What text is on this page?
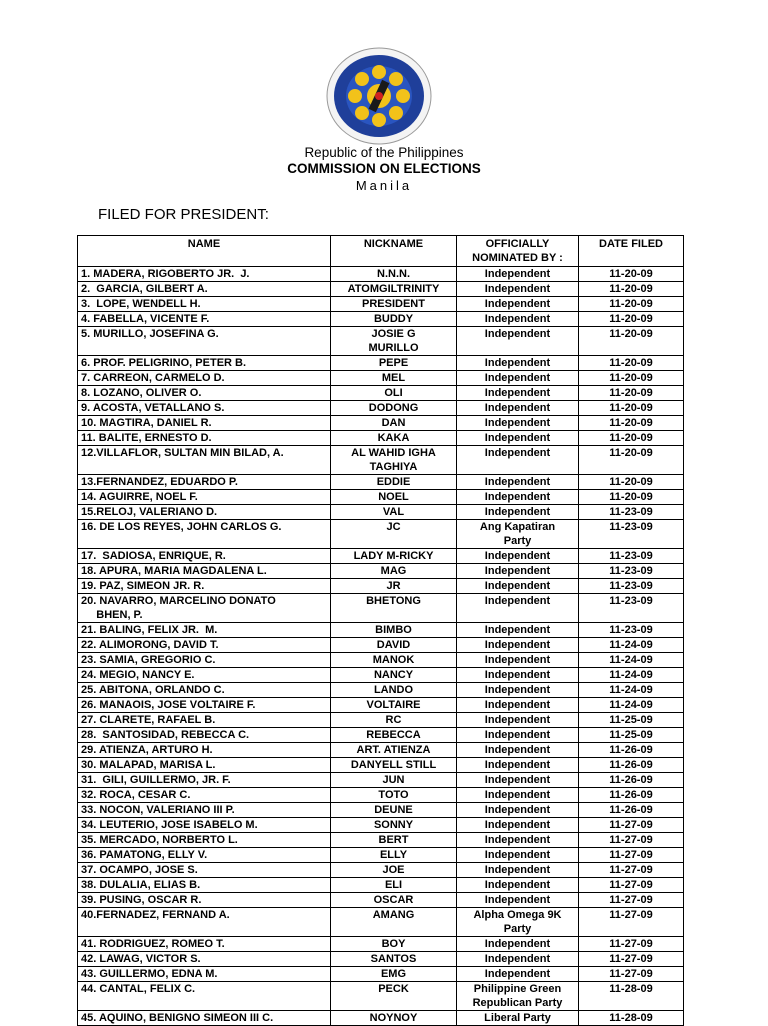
Republic of the Philippines
COMMISSION ON ELECTIONS
Manila
FILED FOR PRESIDENT:
NAME	NICKNAME	OFFICIALLY NOMINATED BY :	DATE FILED
1. MADERA, RIGOBERTO JR.  J.	N.N.N.	Independent	11-20-09
2.  GARCIA, GILBERT A.	ATOMGILTRINITY	Independent	11-20-09
3.  LOPE, WENDELL H.	PRESIDENT	Independent	11-20-09
4. FABELLA, VICENTE F.	BUDDY	Independent	11-20-09
5. MURILLO, JOSEFINA G.	JOSIE G
MURILLO	Independent	11-20-09
6. PROF. PELIGRINO, PETER B.	PEPE	Independent	11-20-09
7. CARREON, CARMELO D.	MEL	Independent	11-20-09
8. LOZANO, OLIVER O.	OLI	Independent	11-20-09
9. ACOSTA, VETALLANO S.	DODONG	Independent	11-20-09
10. MAGTIRA, DANIEL R.	DAN	Independent	11-20-09
11. BALITE, ERNESTO D.	KAKA	Independent	11-20-09
12.VILLAFLOR, SULTAN MIN BILAD, A.	AL WAHID IGHA
TAGHIYA	Independent	11-20-09
13.FERNANDEZ, EDUARDO P.	EDDIE	Independent	11-20-09
14. AGUIRRE, NOEL F.	NOEL	Independent	11-20-09
15.RELOJ, VALERIANO D.	VAL	Independent	11-23-09
16. DE LOS REYES, JOHN CARLOS G.	JC	Ang Kapatiran
Party	11-23-09
17.  SADIOSA, ENRIQUE, R.	LADY M-RICKY	Independent	11-23-09
18. APURA, MARIA MAGDALENA L.	MAG	Independent	11-23-09
19. PAZ, SIMEON JR. R.	JR	Independent	11-23-09
20. NAVARRO, MARCELINO DONATO
BHEN, P.	BHETONG	Independent	11-23-09
21. BALING, FELIX JR.  M.	BIMBO	Independent	11-23-09
22. ALIMORONG, DAVID T.	DAVID	Independent	11-24-09
23. SAMIA, GREGORIO C.	MANOK	Independent	11-24-09
24. MEGIO, NANCY E.	NANCY	Independent	11-24-09
25. ABITONA, ORLANDO C.	LANDO	Independent	11-24-09
26. MANAOIS, JOSE VOLTAIRE F.	VOLTAIRE	Independent	11-24-09
27. CLARETE, RAFAEL B.	RC	Independent	11-25-09
28.  SANTOSIDAD, REBECCA C.	REBECCA	Independent	11-25-09
29. ATIENZA, ARTURO H.	ART. ATIENZA	Independent	11-26-09
30. MALAPAD, MARISA L.	DANYELL STILL	Independent	11-26-09
31.  GILI, GUILLERMO, JR. F.	JUN	Independent	11-26-09
32. ROCA, CESAR C.	TOTO	Independent	11-26-09
33. NOCON, VALERIANO III P.	DEUNE	Independent	11-26-09
34. LEUTERIO, JOSE ISABELO M.	SONNY	Independent	11-27-09
35. MERCADO, NORBERTO L.	BERT	Independent	11-27-09
36. PAMATONG, ELLY V.	ELLY	Independent	11-27-09
37. OCAMPO, JOSE S.	JOE	Independent	11-27-09
38. DULALIA, ELIAS B.	ELI	Independent	11-27-09
39. PUSING, OSCAR R.	OSCAR	Independent	11-27-09
40.FERNADEZ, FERNAND A.	AMANG	Alpha Omega 9K
Party	11-27-09
41. RODRIGUEZ, ROMEO T.	BOY	Independent	11-27-09
42. LAWAG, VICTOR S.	SANTOS	Independent	11-27-09
43. GUILLERMO, EDNA M.	EMG	Independent	11-27-09
44. CANTAL, FELIX C.	PECK	Philippine Green
Republican Party	11-28-09
45. AQUINO, BENIGNO SIMEON III C.	NOYNOY	Liberal Party	11-28-09
